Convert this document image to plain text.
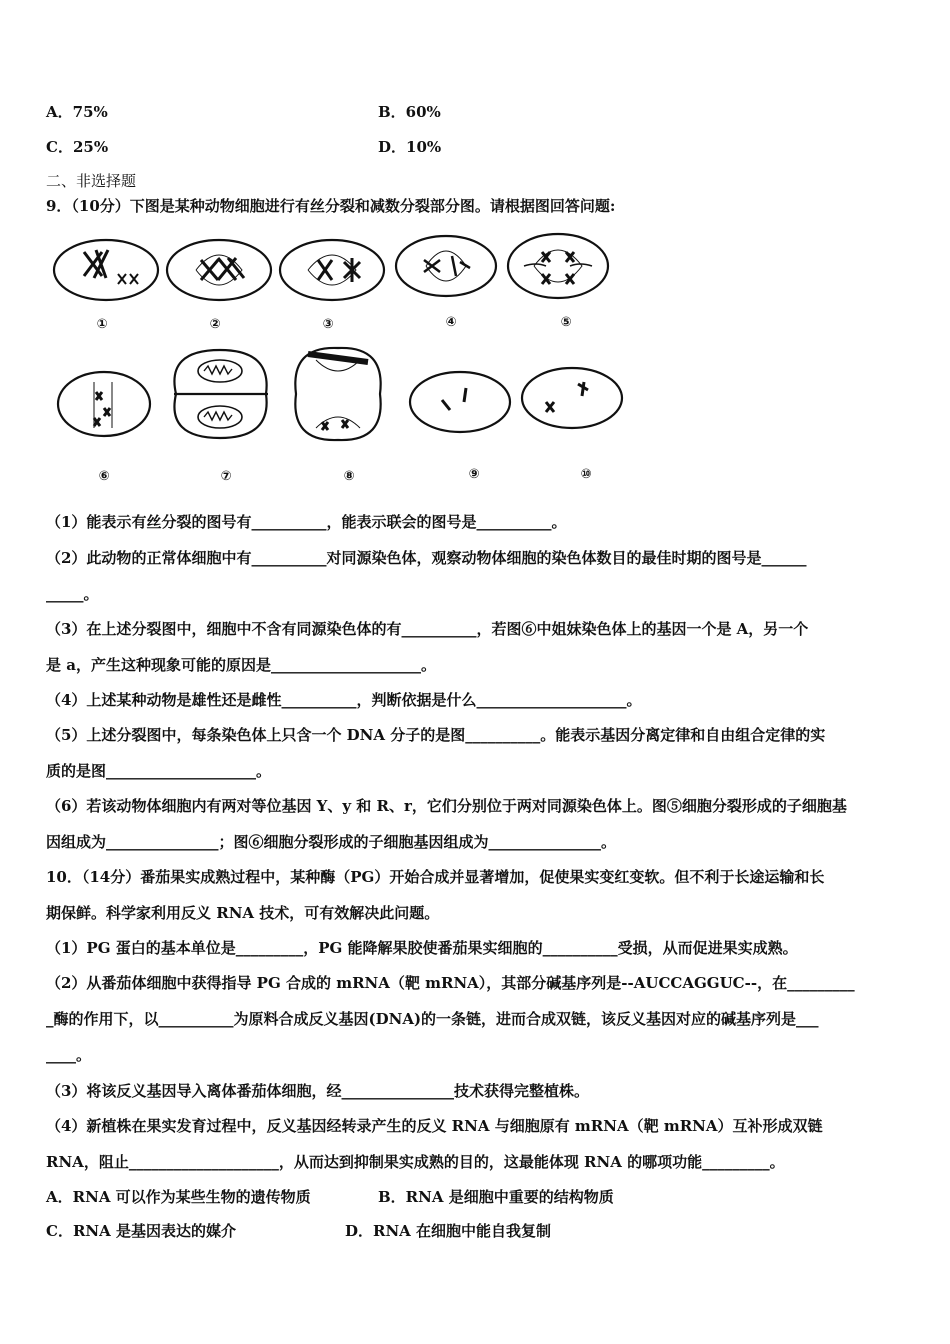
A．75%	B．60%
C．25%	D．10%
二、非选择题
9．（10分）下图是某种动物细胞进行有丝分裂和减数分裂部分图。请根据图回答问题:
①	②	③	④	⑤
⑥	⑦	⑧	⑨	⑩
（1）能表示有丝分裂的图号有__________，能表示联会的图号是__________。
（2）此动物的正常体细胞中有__________对同源染色体，观察动物体细胞的染色体数目的最佳时期的图号是______
_____。
（3）在上述分裂图中，细胞中不含有同源染色体的有__________，若图⑥中姐妹染色体上的基因一个是 A，另一个
是 a，产生这种现象可能的原因是____________________。
（4）上述某种动物是雄性还是雌性__________，判断依据是什么____________________。
（5）上述分裂图中，每条染色体上只含一个 DNA 分子的是图__________。能表示基因分离定律和自由组合定律的实
质的是图____________________。
（6）若该动物体细胞内有两对等位基因 Y、y 和 R、r，它们分别位于两对同源染色体上。图⑤细胞分裂形成的子细胞基
因组成为_______________；图⑥细胞分裂形成的子细胞基因组成为_______________。
10．（14分）番茄果实成熟过程中，某种酶（PG）开始合成并显著增加，促使果实变红变软。但不利于长途运输和长
期保鲜。科学家利用反义 RNA 技术，可有效解决此问题。
（1）PG 蛋白的基本单位是_________，PG 能降解果胶使番茄果实细胞的__________受损，从而促进果实成熟。
（2）从番茄体细胞中获得指导 PG 合成的 mRNA（靶 mRNA），其部分碱基序列是--AUCCAGGUC--，在_________
_酶的作用下，以__________为原料合成反义基因(DNA)的一条链，进而合成双链，该反义基因对应的碱基序列是___
____。
（3）将该反义基因导入离体番茄体细胞，经_______________技术获得完整植株。
（4）新植株在果实发育过程中，反义基因经转录产生的反义 RNA 与细胞原有 mRNA（靶 mRNA）互补形成双链
RNA，阻止____________________，从而达到抑制果实成熟的目的，这最能体现 RNA 的哪项功能_________。
A．RNA 可以作为某些生物的遗传物质	B．RNA 是细胞中重要的结构物质
C．RNA 是基因表达的媒介	D．RNA 在细胞中能自我复制
